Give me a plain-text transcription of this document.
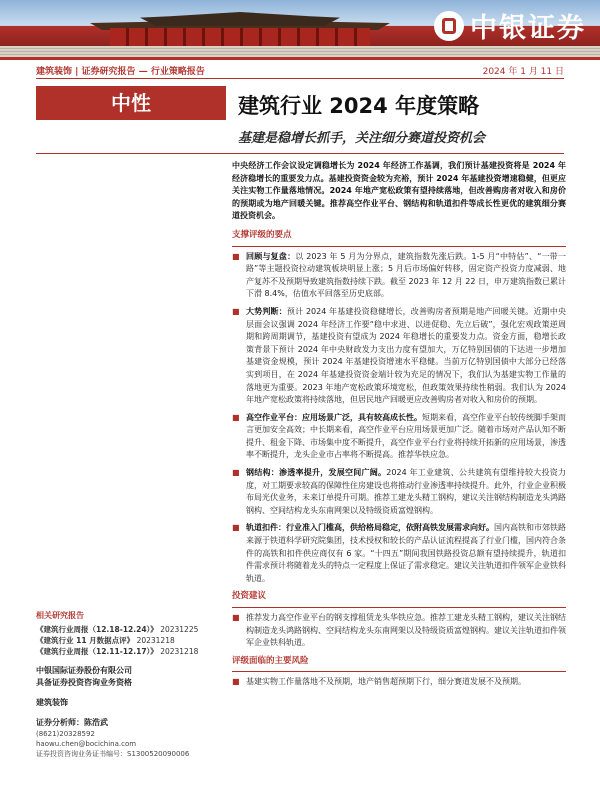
中银证券
建筑装饰 | 证券研究报告 — 行业策略报告	2024 年 1 月 11 日
中性	建筑行业 2024 年度策略
基建是稳增长抓手，关注细分赛道投资机会

中央经济工作会议设定调稳增长为 2024 年经济工作基调，我们预计基建投资将是 2024 年经济稳增长的重要发力点。基建投资资金较为充裕，预计 2024 年基建投资增速稳健，但更应关注实物工作量落地情况。2024 年地产宽松政策有望持续落地，但改善购房者对收入和房价的预期或为地产回暖关键。推荐高空作业平台、钢结构和轨道扣件等成长性更优的建筑细分赛道投资机会。

支撑评级的要点
■ 回顾与复盘：以 2023 年 5 月为分界点，建筑指数先涨后跌。1-5 月“中特估”、“一带一路”等主题投资拉动建筑板块明显上涨；5 月后市场偏好转移，固定资产投资力度减弱、地产复苏不及预期导致建筑指数持续下跌。截至 2023 年 12 月 22 日，申万建筑指数已累计下滑 8.4%，估值水平回落至历史底部。
■ 大势判断：预计 2024 年基建投资稳健增长，改善购房者预期是地产回暖关键。近期中央层面会议强调 2024 年经济工作要“稳中求进、以进促稳、先立后破”，强化宏观政策逆周期和跨周期调节，基建投资有望成为 2024 年稳增长的重要发力点。资金方面，稳增长政策背景下预计 2024 年中央财政发力支出力度有望加大，万亿特别国债的下达进一步增加基建资金规模，预计 2024 年基建投资增速水平稳健。当前万亿特别国债中大部分已经落实到项目，在 2024 年基建投资资金端计较为充足的情况下，我们认为基建实物工作量的落地更为重要。2023 年地产宽松政策环境宽松，但政策效果持续性稍弱。我们认为 2024 年地产宽松政策将持续落地，但居民地产回暖更应改善购房者对收入和房价的预期。
■ 高空作业平台：应用场景广泛，具有较高成长性。短期来看，高空作业平台较传统脚手架而言更加安全高效；中长期来看，高空作业平台应用场景更加广泛。随着市场对产品认知不断提升、租金下降、市场集中度不断提升，高空作业平台行业将持续开拓新的应用场景，渗透率不断提升，龙头企业市占率将不断提高。推荐华铁应急。
■ 钢结构：渗透率提升，发展空间广阔。2024 年工业建筑、公共建筑有望维持较大投资力度，对工期要求较高的保障性住房建设也将推动行业渗透率持续提升。此外，行业企业积极布局光伏业务，未来订单提升可期。推荐工建龙头精工钢构，建议关注钢结构制造龙头鸿路钢构、空间结构龙头东南网架以及特级资质富煌钢构。
■ 轨道扣件：行业准入门槛高，供给格局稳定，依附高铁发展需求向好。国内高铁和市郊铁路来源于铁道科学研究院集团，技术授权和较长的产品认证流程提高了行业门槛，国内符合条件的高铁和扣件供应商仅有 6 家。“十四五”期间我国铁路投资总额有望持续提升，轨道扣件需求预计将随着龙头的特点一定程度上保证了需求稳定。建议关注轨道扣件领军企业铁科轨道。
投资建议
■ 推荐发力高空作业平台的钢支撑租赁龙头华铁应急。推荐工建龙头精工钢构，建议关注钢结构制造龙头鸿路钢构、空间结构龙头东南网架以及特级资质富煌钢构。建议关注轨道扣件领军企业铁科轨道。
评级面临的主要风险
■ 基建实物工作量落地不及预期，地产销售超预期下行，细分赛道发展不及预期。
相关研究报告
《建筑行业周报（12.18-12.24）》 20231225
《建筑行业 11 月数据点评》 20231218
《建筑行业周报（12.11-12.17）》 20231218
中银国际证券股份有限公司
具备证券投资咨询业务资格
建筑装饰
证券分析师：陈浩武
(8621)20328592
haowu.chen@bocichina.com
证券投资咨询业务证书编号：S1300520090006
